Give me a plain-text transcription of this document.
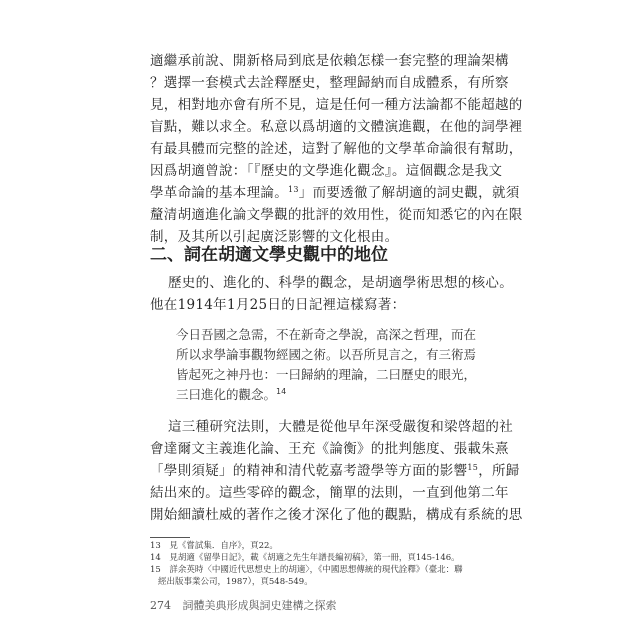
適繼承前說、開新格局到底是依賴怎樣一套完整的理論架構
？選擇一套模式去詮釋歷史，整理歸納而自成體系，有所察
見，相對地亦會有所不見，這是任何一種方法論都不能超越的
盲點，難以求全。私意以爲胡適的文體演進觀，在他的詞學裡
有最具體而完整的詮述，這對了解他的文學革命論很有幫助，
因爲胡適曾說：「『歷史的文學進化觀念』。這個觀念是我文
學革命論的基本理論。$^{13}$」而要透徹了解胡適的詞史觀，就須
釐清胡適進化論文學觀的批評的效用性，從而知悉它的內在限
制，及其所以引起廣泛影響的文化根由。
二、詞在胡適文學史觀中的地位
歷史的、進化的、科學的觀念，是胡適學術思想的核心。
他在1914年1月25日的日記裡這樣寫著：
今日吾國之急需，不在新奇之學說，高深之哲理，而在
所以求學論事觀物經國之術。以吾所見言之，有三術焉
皆起死之神丹也：一曰歸納的理論，二曰歷史的眼光，
三曰進化的觀念。$^{14}$
這三種研究法則，大體是從他早年深受嚴復和梁啓超的社
會達爾文主義進化論、王充《論衡》的批判態度、張載朱熹
「學則須疑」的精神和清代乾嘉考證學等方面的影響$^{15}$，所歸
結出來的。這些零碎的觀念，簡單的法則，一直到他第二年
開始細讀杜威的著作之後才深化了他的觀點，構成有系統的思
13　見《嘗試集．自序》，頁22。
14　見胡適《留學日記》，載《胡適之先生年譜長編初稿》，第一冊，頁145-146。
15　詳余英時〈中國近代思想史上的胡適〉，《中國思想傳統的現代詮釋》（臺北：聯
經出版事業公司，1987），頁548-549。
274 詞體美典形成與詞史建構之探索
